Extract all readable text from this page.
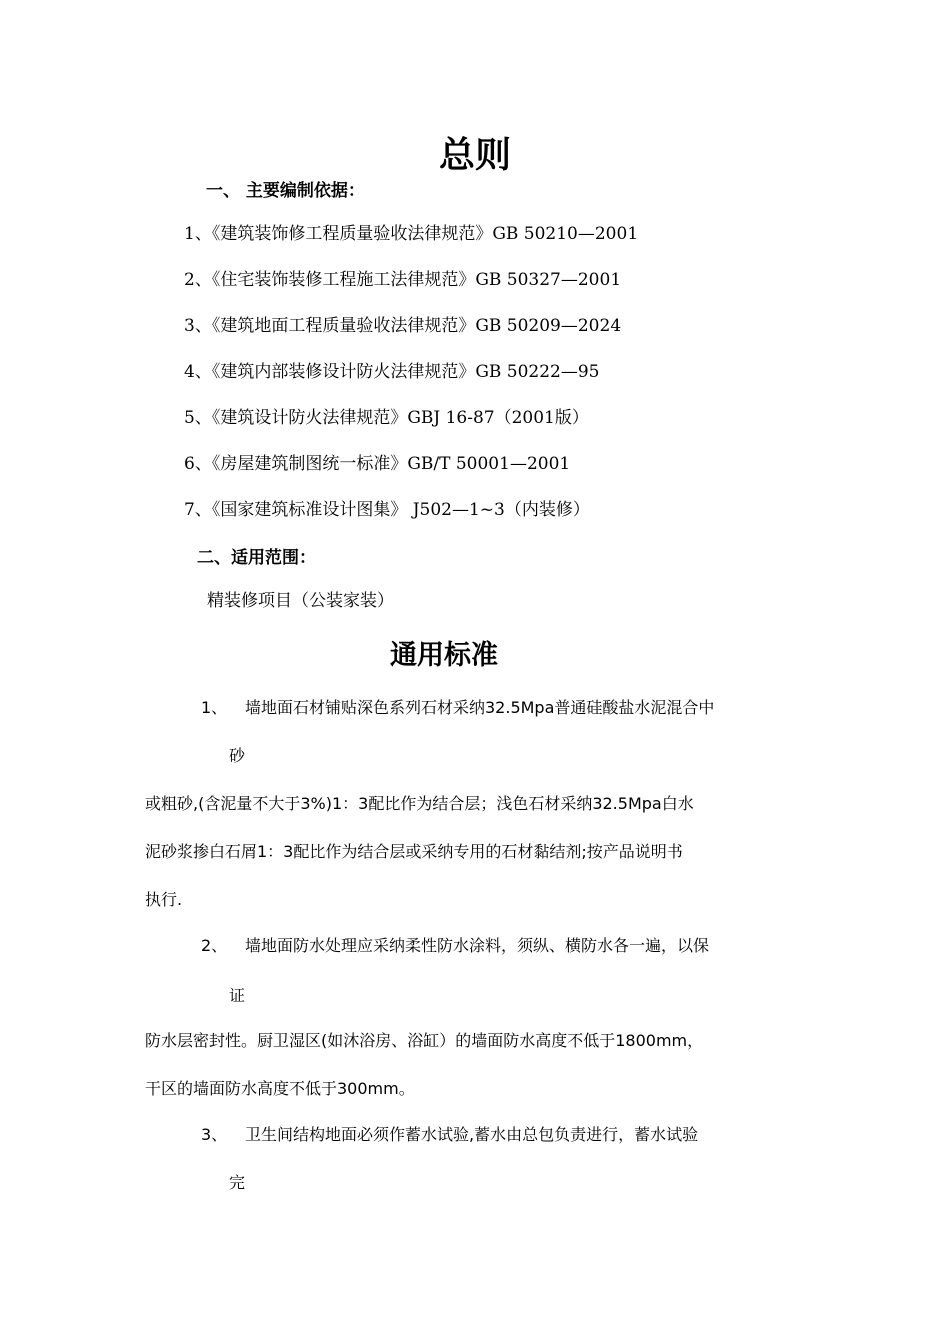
总则
一、 主要编制依据：
1、《建筑装饰修工程质量验收法律规范》GB 50210—2001
2、《住宅装饰装修工程施工法律规范》GB 50327—2001
3、《建筑地面工程质量验收法律规范》GB 50209—2024
4、《建筑内部装修设计防火法律规范》GB 50222—95
5、《建筑设计防火法律规范》GBJ 16-87（2001版）
6、《房屋建筑制图统一标准》GB/T 50001—2001
7、《国家建筑标准设计图集》 J502—1~3（内装修）
二、适用范围：
精装修项目（公装家装）
通用标准
1、 墙地面石材铺贴深色系列石材采纳32.5Mpa普通硅酸盐水泥混合中
砂
或粗砂,(含泥量不大于3%)1：3配比作为结合层；浅色石材采纳32.5Mpa白水
泥砂浆掺白石屑1：3配比作为结合层或采纳专用的石材黏结剂;按产品说明书
执行.
2、 墙地面防水处理应采纳柔性防水涂料，须纵、横防水各一遍，以保
证
防水层密封性。厨卫湿区(如沐浴房、浴缸）的墙面防水高度不低于1800mm，
干区的墙面防水高度不低于300mm。
3、 卫生间结构地面必须作蓄水试验,蓄水由总包负责进行，蓄水试验
完
